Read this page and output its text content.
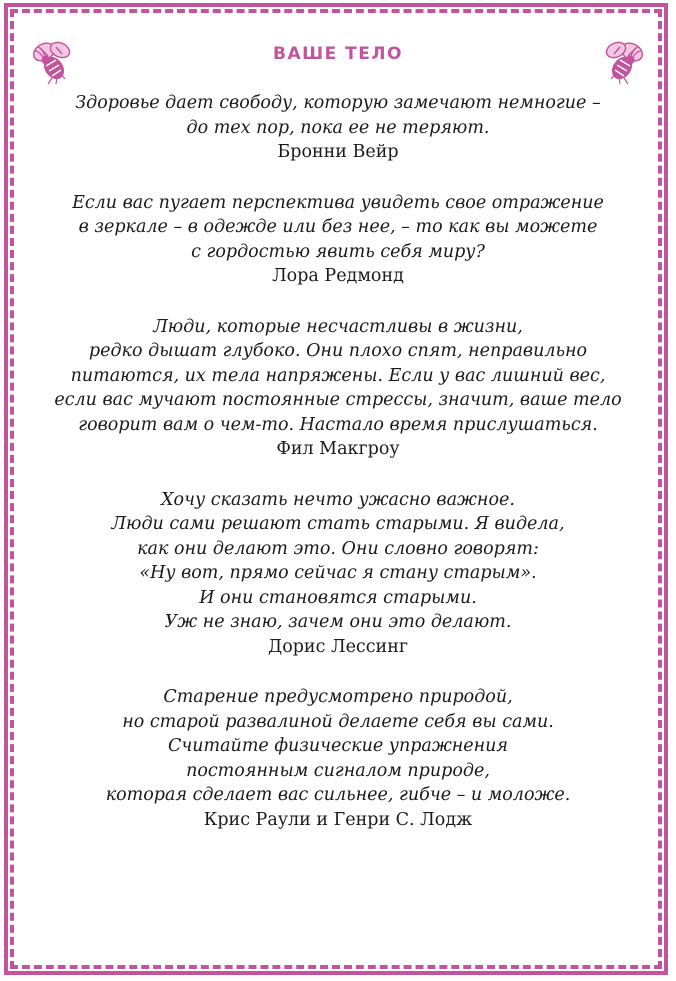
ВАШЕ ТЕЛО
Здоровье дает свободу, которую замечают немногие –
до тех пор, пока ее не теряют.
Бронни Вейр
Если вас пугает перспектива увидеть свое отражение
в зеркале – в одежде или без нее, – то как вы можете
с гордостью явить себя миру?
Лора Редмонд
Люди, которые несчастливы в жизни,
редко дышат глубоко. Они плохо спят, неправильно
питаются, их тела напряжены. Если у вас лишний вес,
если вас мучают постоянные стрессы, значит, ваше тело
говорит вам о чем-то. Настало время прислушаться.
Фил Макгроу
Хочу сказать нечто ужасно важное.
Люди сами решают стать старыми. Я видела,
как они делают это. Они словно говорят:
«Ну вот, прямо сейчас я стану старым».
И они становятся старыми.
Уж не знаю, зачем они это делают.
Дорис Лессинг
Старение предусмотрено природой,
но старой развалиной делаете себя вы сами.
Считайте физические упражнения
постоянным сигналом природе,
которая сделает вас сильнее, гибче – и моложе.
Крис Раули и Генри С. Лодж
